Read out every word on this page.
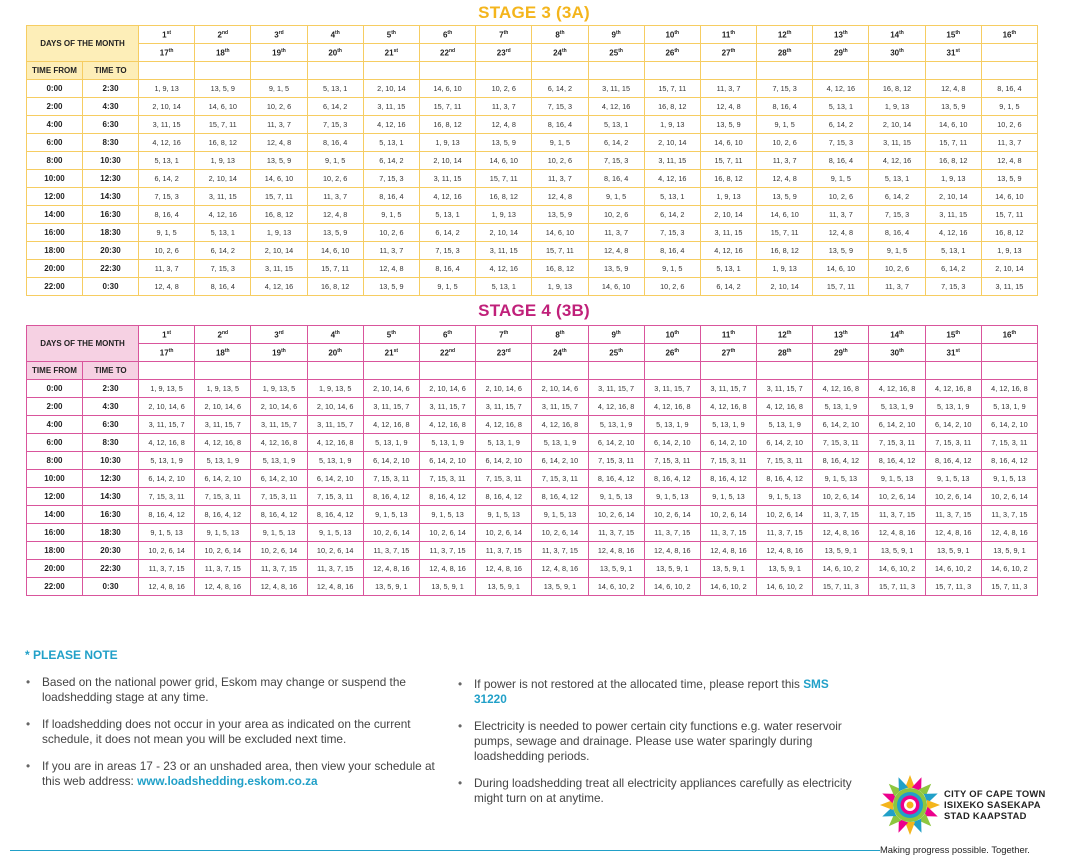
STAGE 3 (3A)
DAYS OF THE MONTH		1st	2nd	3rd	4th	5th	6th	7th	8th	9th	10th	11th	12th	13th	14th	15th	16th
		17th	18th	19th	20th	21st	22nd	23rd	24th	25th	26th	27th	28th	29th	30th	31st	
TIME FROM	TIME TO																
0:00	2:30	1, 9, 13	13, 5, 9	9, 1, 5	5, 13, 1	2, 10, 14	14, 6, 10	10, 2, 6	6, 14, 2	3, 11, 15	15, 7, 11	11, 3, 7	7, 15, 3	4, 12, 16	16, 8, 12	12, 4, 8	8, 16, 4
2:00	4:30	2, 10, 14	14, 6, 10	10, 2, 6	6, 14, 2	3, 11, 15	15, 7, 11	11, 3, 7	7, 15, 3	4, 12, 16	16, 8, 12	12, 4, 8	8, 16, 4	5, 13, 1	1, 9, 13	13, 5, 9	9, 1, 5
4:00	6:30	3, 11, 15	15, 7, 11	11, 3, 7	7, 15, 3	4, 12, 16	16, 8, 12	12, 4, 8	8, 16, 4	5, 13, 1	1, 9, 13	13, 5, 9	9, 1, 5	6, 14, 2	2, 10, 14	14, 6, 10	10, 2, 6
6:00	8:30	4, 12, 16	16, 8, 12	12, 4, 8	8, 16, 4	5, 13, 1	1, 9, 13	13, 5, 9	9, 1, 5	6, 14, 2	2, 10, 14	14, 6, 10	10, 2, 6	7, 15, 3	3, 11, 15	15, 7, 11	11, 3, 7
8:00	10:30	5, 13, 1	1, 9, 13	13, 5, 9	9, 1, 5	6, 14, 2	2, 10, 14	14, 6, 10	10, 2, 6	7, 15, 3	3, 11, 15	15, 7, 11	11, 3, 7	8, 16, 4	4, 12, 16	16, 8, 12	12, 4, 8
10:00	12:30	6, 14, 2	2, 10, 14	14, 6, 10	10, 2, 6	7, 15, 3	3, 11, 15	15, 7, 11	11, 3, 7	8, 16, 4	4, 12, 16	16, 8, 12	12, 4, 8	9, 1, 5	5, 13, 1	1, 9, 13	13, 5, 9
12:00	14:30	7, 15, 3	3, 11, 15	15, 7, 11	11, 3, 7	8, 16, 4	4, 12, 16	16, 8, 12	12, 4, 8	9, 1, 5	5, 13, 1	1, 9, 13	13, 5, 9	10, 2, 6	6, 14, 2	2, 10, 14	14, 6, 10
14:00	16:30	8, 16, 4	4, 12, 16	16, 8, 12	12, 4, 8	9, 1, 5	5, 13, 1	1, 9, 13	13, 5, 9	10, 2, 6	6, 14, 2	2, 10, 14	14, 6, 10	11, 3, 7	7, 15, 3	3, 11, 15	15, 7, 11
16:00	18:30	9, 1, 5	5, 13, 1	1, 9, 13	13, 5, 9	10, 2, 6	6, 14, 2	2, 10, 14	14, 6, 10	11, 3, 7	7, 15, 3	3, 11, 15	15, 7, 11	12, 4, 8	8, 16, 4	4, 12, 16	16, 8, 12
18:00	20:30	10, 2, 6	6, 14, 2	2, 10, 14	14, 6, 10	11, 3, 7	7, 15, 3	3, 11, 15	15, 7, 11	12, 4, 8	8, 16, 4	4, 12, 16	16, 8, 12	13, 5, 9	9, 1, 5	5, 13, 1	1, 9, 13
20:00	22:30	11, 3, 7	7, 15, 3	3, 11, 15	15, 7, 11	12, 4, 8	8, 16, 4	4, 12, 16	16, 8, 12	13, 5, 9	9, 1, 5	5, 13, 1	1, 9, 13	14, 6, 10	10, 2, 6	6, 14, 2	2, 10, 14
22:00	0:30	12, 4, 8	8, 16, 4	4, 12, 16	16, 8, 12	13, 5, 9	9, 1, 5	5, 13, 1	1, 9, 13	14, 6, 10	10, 2, 6	6, 14, 2	2, 10, 14	15, 7, 11	11, 3, 7	7, 15, 3	3, 11, 15
STAGE 4 (3B)
DAYS OF THE MONTH		1st	2nd	3rd	4th	5th	6th	7th	8th	9th	10th	11th	12th	13th	14th	15th	16th
		17th	18th	19th	20th	21st	22nd	23rd	24th	25th	26th	27th	28th	29th	30th	31st	
TIME FROM	TIME TO																
0:00	2:30	1, 9, 13, 5	1, 9, 13, 5	1, 9, 13, 5	1, 9, 13, 5	2, 10, 14, 6	2, 10, 14, 6	2, 10, 14, 6	2, 10, 14, 6	3, 11, 15, 7	3, 11, 15, 7	3, 11, 15, 7	3, 11, 15, 7	4, 12, 16, 8	4, 12, 16, 8	4, 12, 16, 8	4, 12, 16, 8
2:00	4:30	2, 10, 14, 6	2, 10, 14, 6	2, 10, 14, 6	2, 10, 14, 6	3, 11, 15, 7	3, 11, 15, 7	3, 11, 15, 7	3, 11, 15, 7	4, 12, 16, 8	4, 12, 16, 8	4, 12, 16, 8	4, 12, 16, 8	5, 13, 1, 9	5, 13, 1, 9	5, 13, 1, 9	5, 13, 1, 9
4:00	6:30	3, 11, 15, 7	3, 11, 15, 7	3, 11, 15, 7	3, 11, 15, 7	4, 12, 16, 8	4, 12, 16, 8	4, 12, 16, 8	4, 12, 16, 8	5, 13, 1, 9	5, 13, 1, 9	5, 13, 1, 9	5, 13, 1, 9	6, 14, 2, 10	6, 14, 2, 10	6, 14, 2, 10	6, 14, 2, 10
6:00	8:30	4, 12, 16, 8	4, 12, 16, 8	4, 12, 16, 8	4, 12, 16, 8	5, 13, 1, 9	5, 13, 1, 9	5, 13, 1, 9	5, 13, 1, 9	6, 14, 2, 10	6, 14, 2, 10	6, 14, 2, 10	6, 14, 2, 10	7, 15, 3, 11	7, 15, 3, 11	7, 15, 3, 11	7, 15, 3, 11
8:00	10:30	5, 13, 1, 9	5, 13, 1, 9	5, 13, 1, 9	5, 13, 1, 9	6, 14, 2, 10	6, 14, 2, 10	6, 14, 2, 10	6, 14, 2, 10	7, 15, 3, 11	7, 15, 3, 11	7, 15, 3, 11	7, 15, 3, 11	8, 16, 4, 12	8, 16, 4, 12	8, 16, 4, 12	8, 16, 4, 12
10:00	12:30	6, 14, 2, 10	6, 14, 2, 10	6, 14, 2, 10	6, 14, 2, 10	7, 15, 3, 11	7, 15, 3, 11	7, 15, 3, 11	7, 15, 3, 11	8, 16, 4, 12	8, 16, 4, 12	8, 16, 4, 12	8, 16, 4, 12	9, 1, 5, 13	9, 1, 5, 13	9, 1, 5, 13	9, 1, 5, 13
12:00	14:30	7, 15, 3, 11	7, 15, 3, 11	7, 15, 3, 11	7, 15, 3, 11	8, 16, 4, 12	8, 16, 4, 12	8, 16, 4, 12	8, 16, 4, 12	9, 1, 5, 13	9, 1, 5, 13	9, 1, 5, 13	9, 1, 5, 13	10, 2, 6, 14	10, 2, 6, 14	10, 2, 6, 14	10, 2, 6, 14
14:00	16:30	8, 16, 4, 12	8, 16, 4, 12	8, 16, 4, 12	8, 16, 4, 12	9, 1, 5, 13	9, 1, 5, 13	9, 1, 5, 13	9, 1, 5, 13	10, 2, 6, 14	10, 2, 6, 14	10, 2, 6, 14	10, 2, 6, 14	11, 3, 7, 15	11, 3, 7, 15	11, 3, 7, 15	11, 3, 7, 15
16:00	18:30	9, 1, 5, 13	9, 1, 5, 13	9, 1, 5, 13	9, 1, 5, 13	10, 2, 6, 14	10, 2, 6, 14	10, 2, 6, 14	10, 2, 6, 14	11, 3, 7, 15	11, 3, 7, 15	11, 3, 7, 15	11, 3, 7, 15	12, 4, 8, 16	12, 4, 8, 16	12, 4, 8, 16	12, 4, 8, 16
18:00	20:30	10, 2, 6, 14	10, 2, 6, 14	10, 2, 6, 14	10, 2, 6, 14	11, 3, 7, 15	11, 3, 7, 15	11, 3, 7, 15	11, 3, 7, 15	12, 4, 8, 16	12, 4, 8, 16	12, 4, 8, 16	12, 4, 8, 16	13, 5, 9, 1	13, 5, 9, 1	13, 5, 9, 1	13, 5, 9, 1
20:00	22:30	11, 3, 7, 15	11, 3, 7, 15	11, 3, 7, 15	11, 3, 7, 15	12, 4, 8, 16	12, 4, 8, 16	12, 4, 8, 16	12, 4, 8, 16	13, 5, 9, 1	13, 5, 9, 1	13, 5, 9, 1	13, 5, 9, 1	14, 6, 10, 2	14, 6, 10, 2	14, 6, 10, 2	14, 6, 10, 2
22:00	0:30	12, 4, 8, 16	12, 4, 8, 16	12, 4, 8, 16	12, 4, 8, 16	13, 5, 9, 1	13, 5, 9, 1	13, 5, 9, 1	13, 5, 9, 1	14, 6, 10, 2	14, 6, 10, 2	14, 6, 10, 2	14, 6, 10, 2	15, 7, 11, 3	15, 7, 11, 3	15, 7, 11, 3	15, 7, 11, 3
* PLEASE NOTE
• Based on the national power grid, Eskom may change or suspend the loadshedding stage at any time.
• If loadshedding does not occur in your area as indicated on the current schedule, it does not mean you will be excluded next time.
• If you are in areas 17 - 23 or an unshaded area, then view your schedule at this web address: www.loadshedding.eskom.co.za
• If power is not restored at the allocated time, please report this SMS 31220
• Electricity is needed to power certain city functions e.g. water reservoir pumps, sewage and drainage. Please use water sparingly during loadshedding periods.
• During loadshedding treat all electricity appliances carefully as electricity might turn on at anytime.	CITY OF CAPE TOWN
ISIXEKO SASEKAPA
STAD KAAPSTAD
Making progress possible. Together.
